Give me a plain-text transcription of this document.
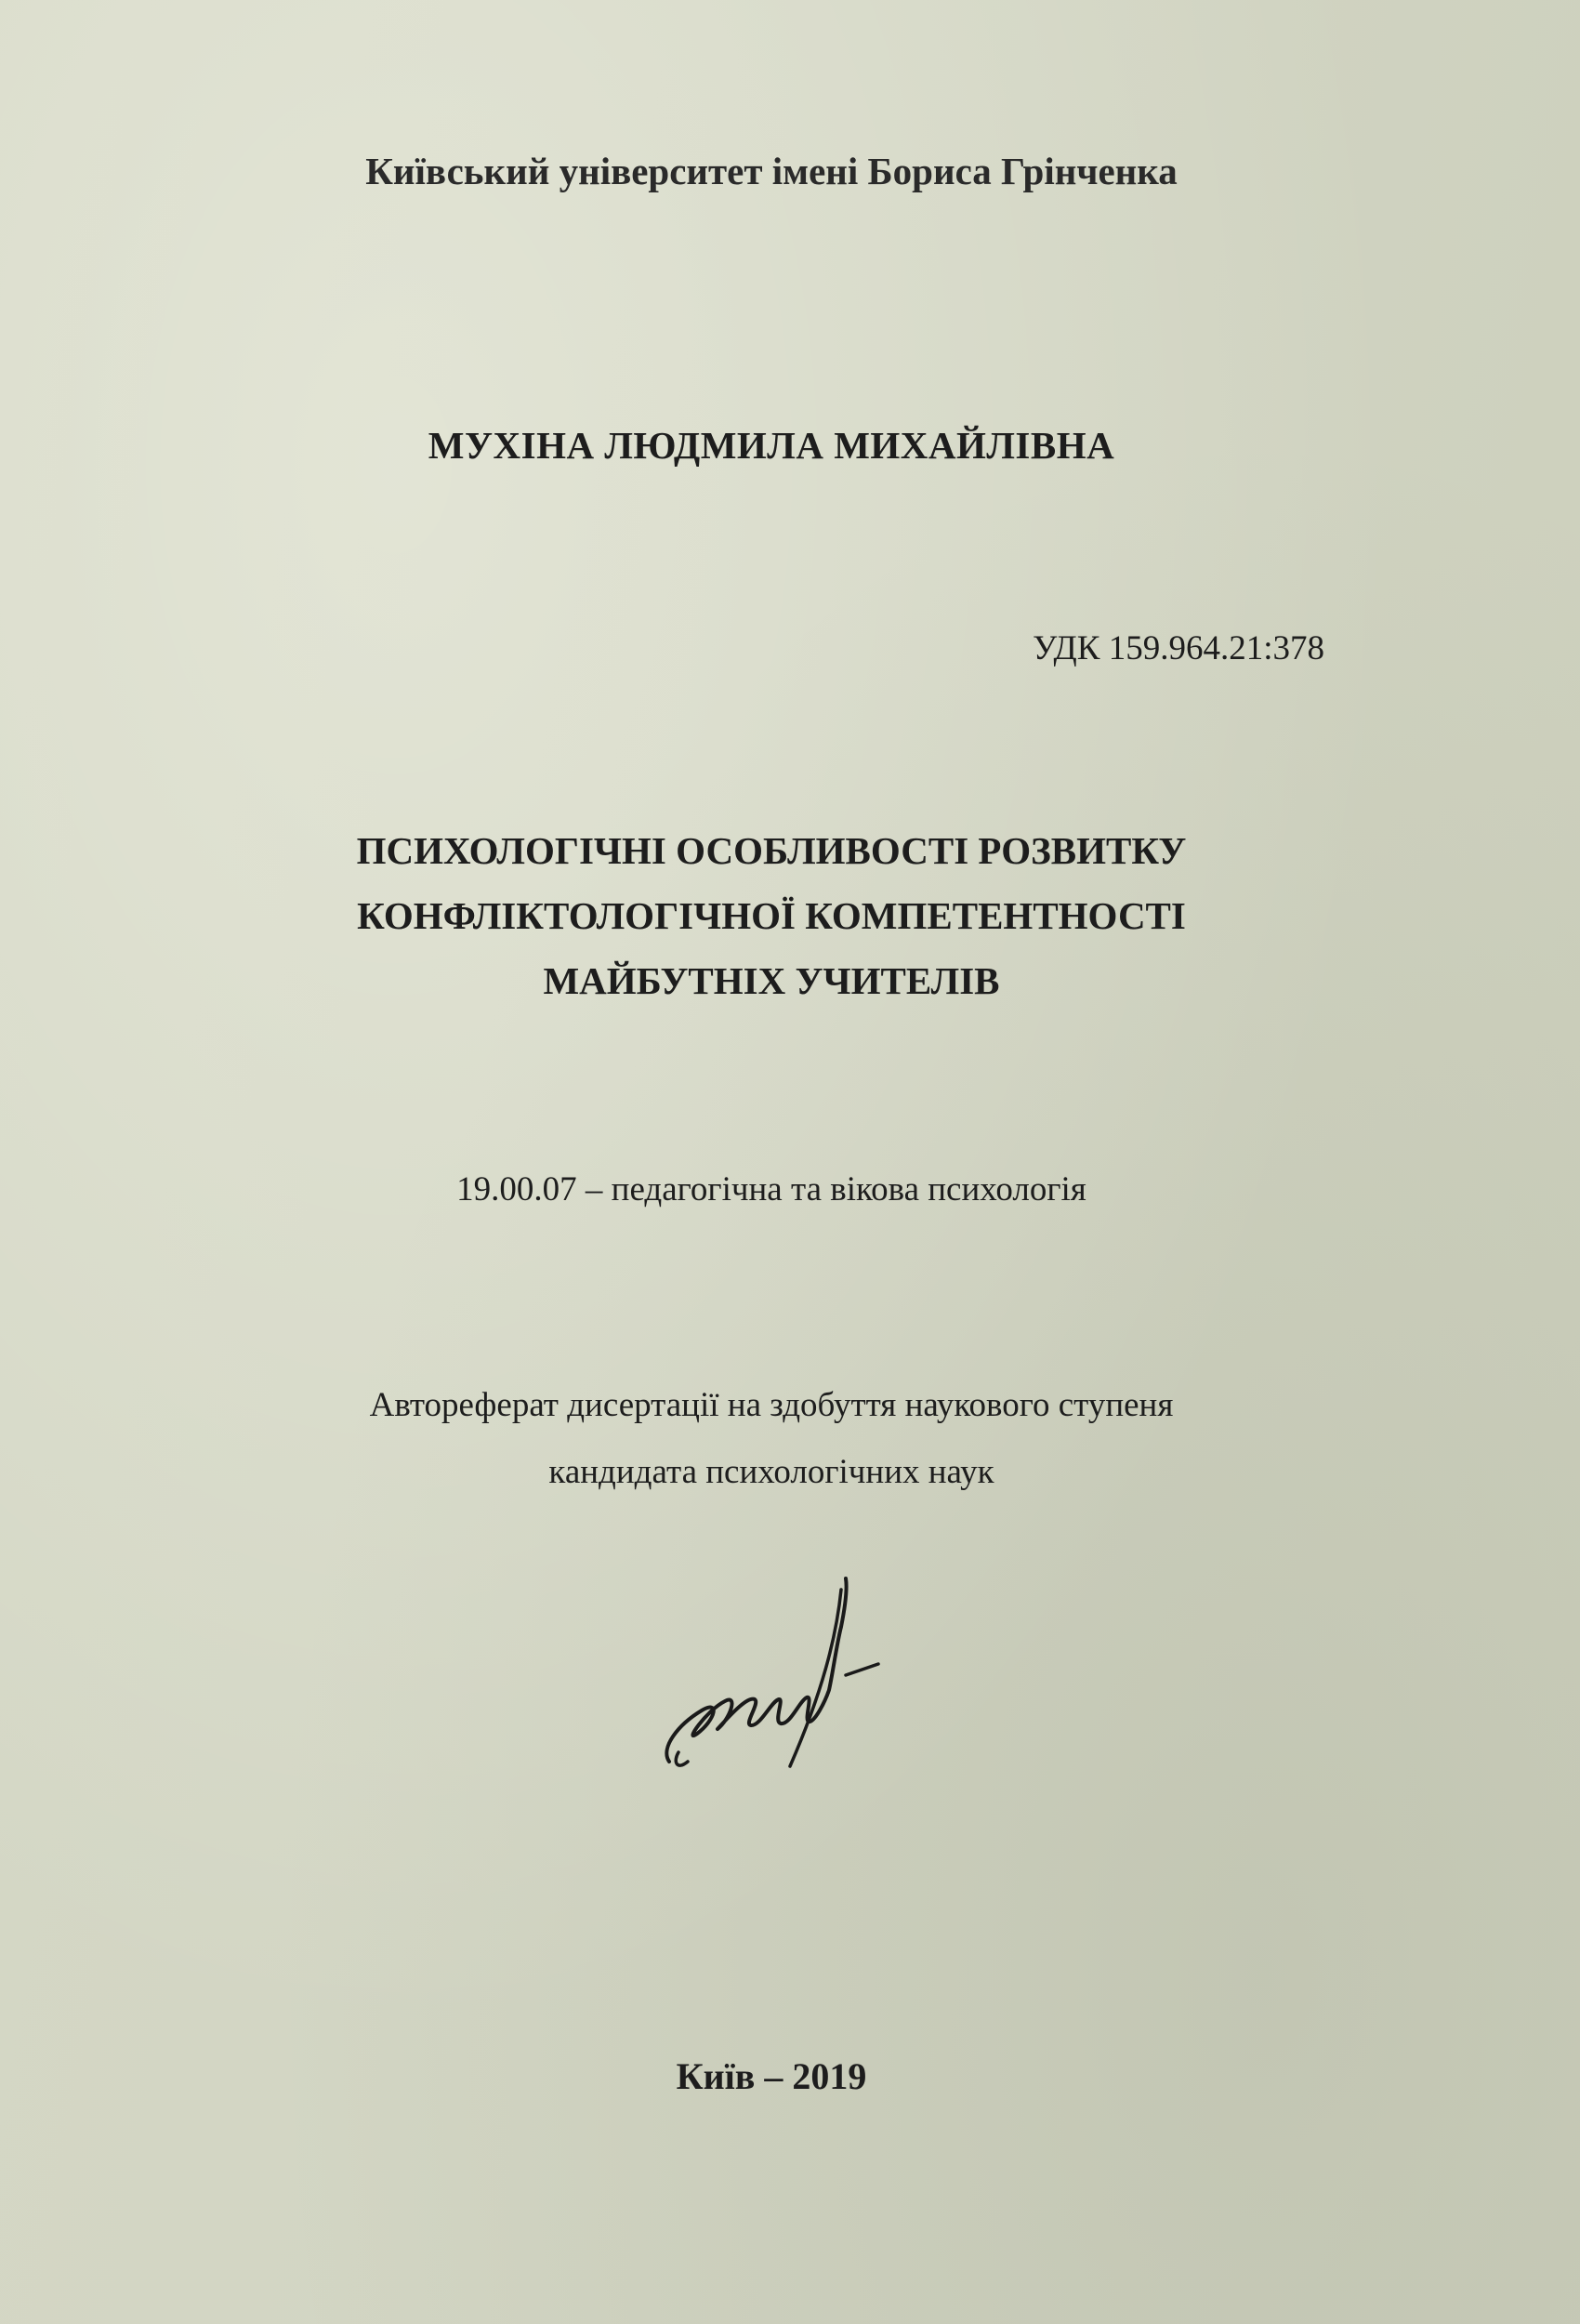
Київський університет імені Бориса Грінченка
МУХІНА ЛЮДМИЛА МИХАЙЛІВНА
УДК 159.964.21:378
ПСИХОЛОГІЧНІ ОСОБЛИВОСТІ РОЗВИТКУ
КОНФЛІКТОЛОГІЧНОЇ КОМПЕТЕНТНОСТІ
МАЙБУТНІХ УЧИТЕЛІВ
19.00.07 – педагогічна та вікова психологія
Автореферат дисертації на здобуття наукового ступеня
кандидата психологічних наук
Київ – 2019
